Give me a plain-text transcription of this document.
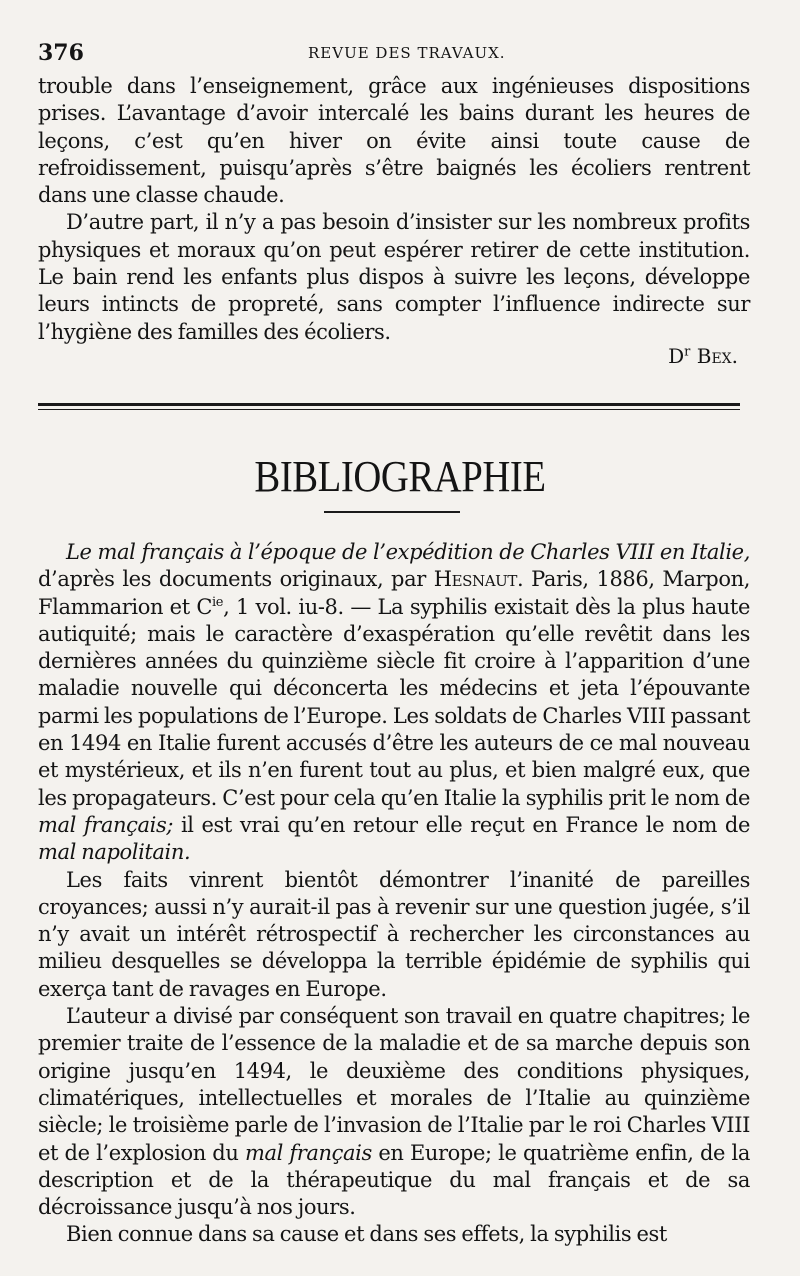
376	REVUE DES TRAVAUX.

trouble dans l’enseignement, grâce aux ingénieuses dispositions prises. L’avantage d’avoir intercalé les bains durant les heures de leçons, c’est qu’en hiver on évite ainsi toute cause de refroidissement, puisqu’après s’être baignés les écoliers rentrent dans une classe chaude.

D’autre part, il n’y a pas besoin d’insister sur les nombreux profits physiques et moraux qu’on peut espérer retirer de cette institution. Le bain rend les enfants plus dispos à suivre les leçons, développe leurs intincts de propreté, sans compter l’influence indirecte sur l’hygiène des familles des écoliers.

$D^r$ Bex.
BIBLIOGRAPHIE

Le mal français à l’époque de l’expédition de Charles VIII en Italie, d’après les documents originaux, par Hesnaut. Paris, 1886, Marpon, Flammarion et $C^{ie}$, 1 vol. iu-8. — La syphilis existait dès la plus haute autiquité; mais le caractère d’exaspération qu’elle revêtit dans les dernières années du quinzième siècle fit croire à l’apparition d’une maladie nouvelle qui déconcerta les médecins et jeta l’épouvante parmi les populations de l’Europe. Les soldats de Charles VIII passant en 1494 en Italie furent accusés d’être les auteurs de ce mal nouveau et mystérieux, et ils n’en furent tout au plus, et bien malgré eux, que les propagateurs. C’est pour cela qu’en Italie la syphilis prit le nom de mal français; il est vrai qu’en retour elle reçut en France le nom de mal napolitain.

Les faits vinrent bientôt démontrer l’inanité de pareilles croyances; aussi n’y aurait-il pas à revenir sur une question jugée, s’il n’y avait un intérêt rétrospectif à rechercher les circonstances au milieu desquelles se développa la terrible épidémie de syphilis qui exerça tant de ravages en Europe.

L’auteur a divisé par conséquent son travail en quatre chapitres; le premier traite de l’essence de la maladie et de sa marche depuis son origine jusqu’en 1494, le deuxième des conditions physiques, climatériques, intellectuelles et morales de l’Italie au quinzième siècle; le troisième parle de l’invasion de l’Italie par le roi Charles VIII et de l’explosion du mal français en Europe; le quatrième enfin, de la description et de la thérapeutique du mal français et de sa décroissance jusqu’à nos jours.

Bien connue dans sa cause et dans ses effets, la syphilis est
